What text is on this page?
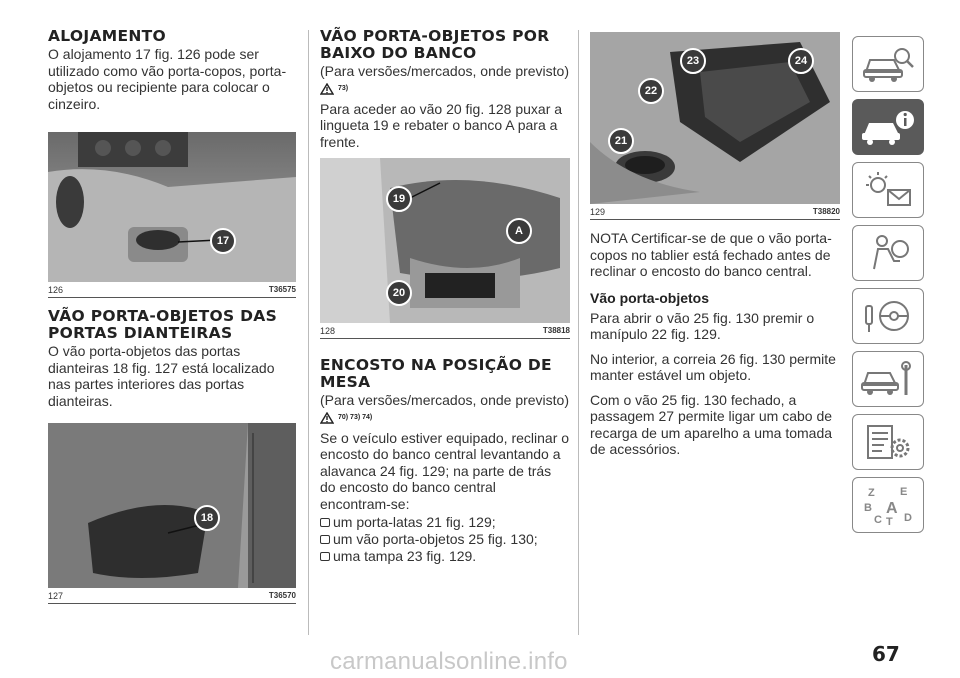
ALOJAMENTO

O alojamento 17 fig. 126 pode ser utilizado como vão porta-copos, porta-objetos ou recipiente para colocar o cinzeiro.

17
126	T36575
VÃO PORTA-OBJETOS DAS PORTAS DIANTEIRAS

O vão porta-objetos das portas dianteiras 18 fig. 127 está localizado nas partes interiores das portas dianteiras.

18
127	T36570
VÃO PORTA-OBJETOS POR BAIXO DO BANCO

(Para versões/mercados, onde previsto)

73)

Para aceder ao vão 20 fig. 128 puxar a lingueta 19 e rebater o banco A para a frente.

19
A
20
128	T38818
ENCOSTO NA POSIÇÃO DE MESA

(Para versões/mercados, onde previsto)

70) 73) 74)

Se o veículo estiver equipado, reclinar o encosto do banco central levantando a alavanca 24 fig. 129; na parte de trás do encosto do banco central encontram-se:

um porta-latas 21 fig. 129;
um vão porta-objetos 25 fig. 130;
uma tampa 23 fig. 129.
23	24
22
21
129	T38820

NOTA Certificar-se de que o vão porta-copos no tablier está fechado antes de reclinar o encosto do banco central.

Vão porta-objetos

Para abrir o vão 25 fig. 130 premir o manípulo 22 fig. 129.

No interior, a correia 26 fig. 130 permite manter estável um objeto.

Com o vão 25 fig. 130 fechado, a passagem 27 permite ligar um cabo de recarga de um aparelho a uma tomada de acessórios.

Z E
B A
C T D
67
carmanualsonline.info
